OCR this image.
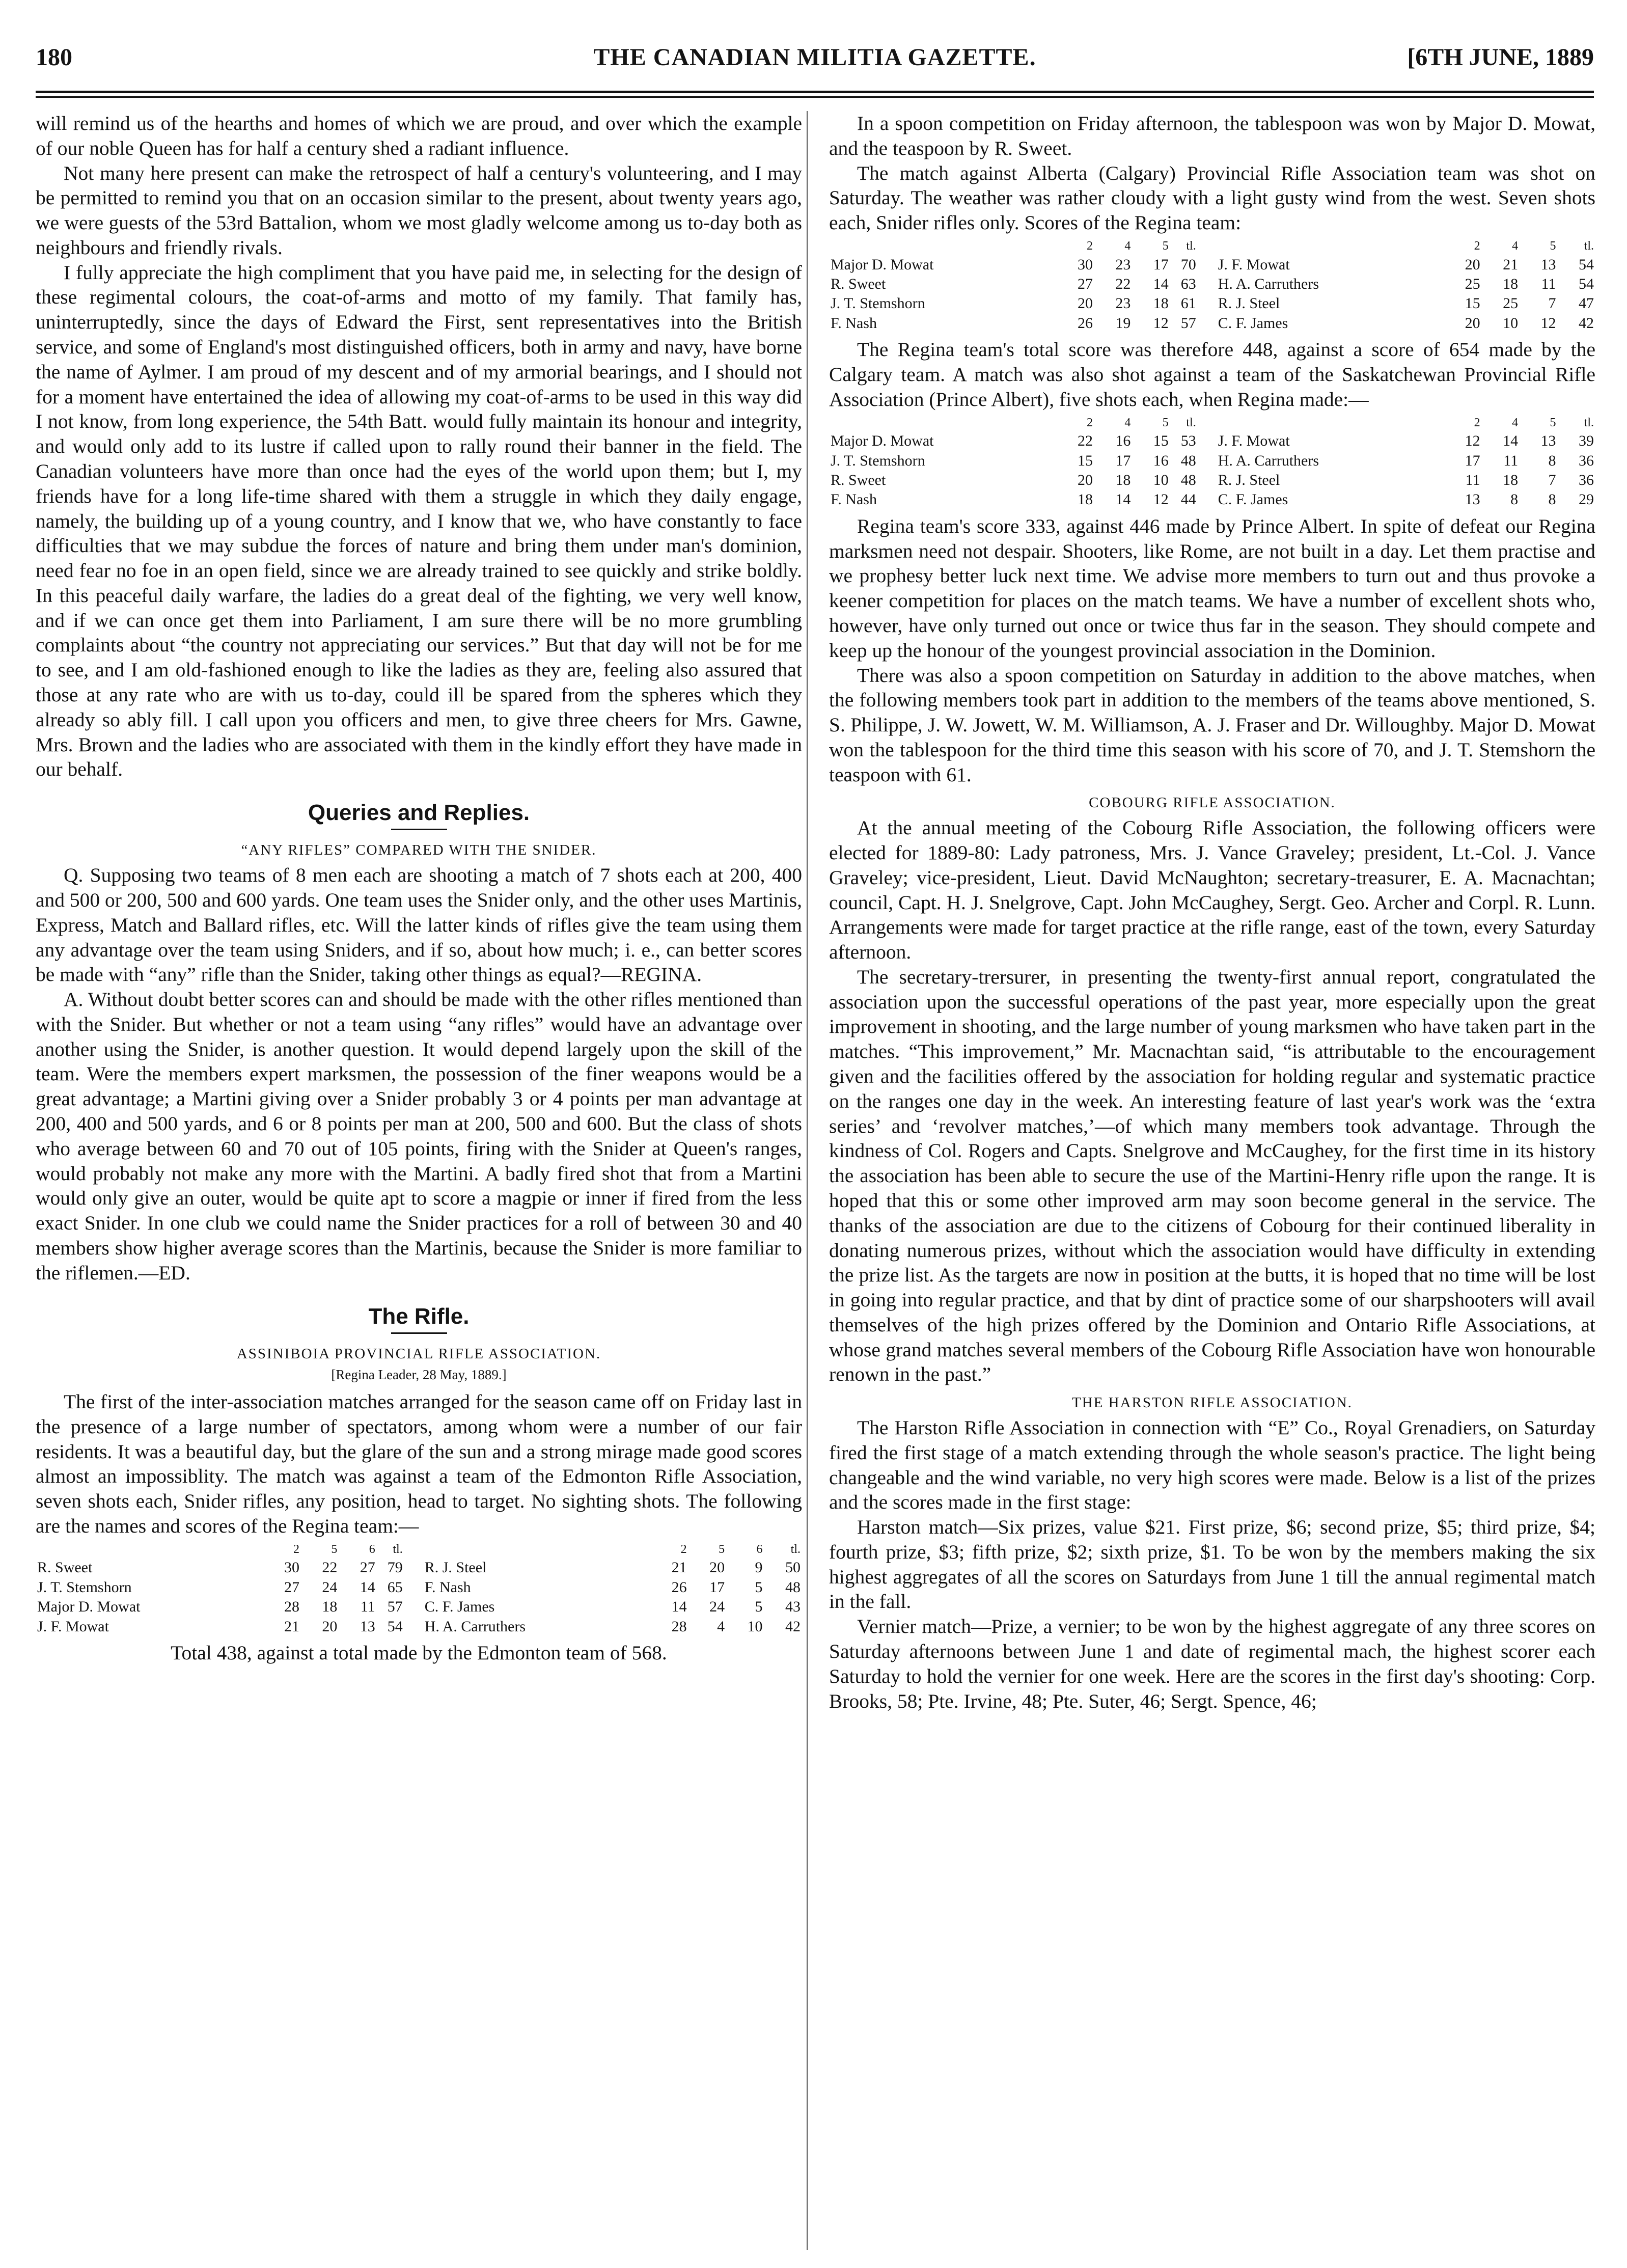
THE CANADIAN MILITIA GAZETTE.
180	[6TH JUNE, 1889

will remind us of the hearths and homes of which we are proud, and over which the example of our noble Queen has for half a century shed a radiant influence.

Not many here present can make the retrospect of half a century's volunteering, and I may be permitted to remind you that on an occasion similar to the present, about twenty years ago, we were guests of the 53rd Battalion, whom we most gladly welcome among us to-day both as neighbours and friendly rivals.

I fully appreciate the high compliment that you have paid me, in selecting for the design of these regimental colours, the coat-of-arms and motto of my family. That family has, uninterruptedly, since the days of Edward the First, sent representatives into the British service, and some of England's most distinguished officers, both in army and navy, have borne the name of Aylmer. I am proud of my descent and of my armorial bearings, and I should not for a moment have entertained the idea of allowing my coat-of-arms to be used in this way did I not know, from long experience, the 54th Batt. would fully maintain its honour and integrity, and would only add to its lustre if called upon to rally round their banner in the field. The Canadian volunteers have more than once had the eyes of the world upon them; but I, my friends have for a long life-time shared with them a struggle in which they daily engage, namely, the building up of a young country, and I know that we, who have constantly to face difficulties that we may subdue the forces of nature and bring them under man's dominion, need fear no foe in an open field, since we are already trained to see quickly and strike boldly. In this peaceful daily warfare, the ladies do a great deal of the fighting, we very well know, and if we can once get them into Parliament, I am sure there will be no more grumbling complaints about “the country not appreciating our services.” But that day will not be for me to see, and I am old-fashioned enough to like the ladies as they are, feeling also assured that those at any rate who are with us to-day, could ill be spared from the spheres which they already so ably fill. I call upon you officers and men, to give three cheers for Mrs. Gawne, Mrs. Brown and the ladies who are associated with them in the kindly effort they have made in our behalf.

Queries and Replies.
“ANY RIFLES” COMPARED WITH THE SNIDER.

Q. Supposing two teams of 8 men each are shooting a match of 7 shots each at 200, 400 and 500 or 200, 500 and 600 yards. One team uses the Snider only, and the other uses Martinis, Express, Match and Ballard rifles, etc. Will the latter kinds of rifles give the team using them any advantage over the team using Sniders, and if so, about how much; i. e., can better scores be made with “any” rifle than the Snider, taking other things as equal?—REGINA.

A. Without doubt better scores can and should be made with the other rifles mentioned than with the Snider. But whether or not a team using “any rifles” would have an advantage over another using the Snider, is another question. It would depend largely upon the skill of the team. Were the members expert marksmen, the possession of the finer weapons would be a great advantage; a Martini giving over a Snider probably 3 or 4 points per man advantage at 200, 400 and 500 yards, and 6 or 8 points per man at 200, 500 and 600. But the class of shots who average between 60 and 70 out of 105 points, firing with the Snider at Queen's ranges, would probably not make any more with the Martini. A badly fired shot that from a Martini would only give an outer, would be quite apt to score a magpie or inner if fired from the less exact Snider. In one club we could name the Snider practices for a roll of between 30 and 40 members show higher average scores than the Martinis, because the Snider is more familiar to the riflemen.—ED.

The Rifle.
ASSINIBOIA PROVINCIAL RIFLE ASSOCIATION.
[Regina Leader, 28 May, 1889.]

The first of the inter-association matches arranged for the season came off on Friday last in the presence of a large number of spectators, among whom were a number of our fair residents. It was a beautiful day, but the glare of the sun and a strong mirage made good scores almost an impossiblity. The match was against a team of the Edmonton Rifle Association, seven shots each, Snider rifles, any position, head to target. No sighting shots. The following are the names and scores of the Regina team:—

	2	5	6	tl.		2	5	6	tl.
R. Sweet	30	22	27	79	R. J. Steel	21	20	9	50
J. T. Stemshorn	27	24	14	65	F. Nash	26	17	5	48
Major D. Mowat	28	18	11	57	C. F. James	14	24	5	43
J. F. Mowat	21	20	13	54	H. A. Carruthers	28	4	10	42

Total 438, against a total made by the Edmonton team of 568.

In a spoon competition on Friday afternoon, the tablespoon was won by Major D. Mowat, and the teaspoon by R. Sweet.

The match against Alberta (Calgary) Provincial Rifle Association team was shot on Saturday. The weather was rather cloudy with a light gusty wind from the west. Seven shots each, Snider rifles only. Scores of the Regina team:

	2	4	5	tl.		2	4	5	tl.
Major D. Mowat	30	23	17	70	J. F. Mowat	20	21	13	54
R. Sweet	27	22	14	63	H. A. Carruthers	25	18	11	54
J. T. Stemshorn	20	23	18	61	R. J. Steel	15	25	7	47
F. Nash	26	19	12	57	C. F. James	20	10	12	42

The Regina team's total score was therefore 448, against a score of 654 made by the Calgary team. A match was also shot against a team of the Saskatchewan Provincial Rifle Association (Prince Albert), five shots each, when Regina made:—

	2	4	5	tl.		2	4	5	tl.
Major D. Mowat	22	16	15	53	J. F. Mowat	12	14	13	39
J. T. Stemshorn	15	17	16	48	H. A. Carruthers	17	11	8	36
R. Sweet	20	18	10	48	R. J. Steel	11	18	7	36
F. Nash	18	14	12	44	C. F. James	13	8	8	29

Regina team's score 333, against 446 made by Prince Albert. In spite of defeat our Regina marksmen need not despair. Shooters, like Rome, are not built in a day. Let them practise and we prophesy better luck next time. We advise more members to turn out and thus provoke a keener competition for places on the match teams. We have a number of excellent shots who, however, have only turned out once or twice thus far in the season. They should compete and keep up the honour of the youngest provincial association in the Dominion.

There was also a spoon competition on Saturday in addition to the above matches, when the following members took part in addition to the members of the teams above mentioned, S. S. Philippe, J. W. Jowett, W. M. Williamson, A. J. Fraser and Dr. Willoughby. Major D. Mowat won the tablespoon for the third time this season with his score of 70, and J. T. Stemshorn the teaspoon with 61.

COBOURG RIFLE ASSOCIATION.

At the annual meeting of the Cobourg Rifle Association, the following officers were elected for 1889-80: Lady patroness, Mrs. J. Vance Graveley; president, Lt.-Col. J. Vance Graveley; vice-president, Lieut. David McNaughton; secretary-treasurer, E. A. Macnachtan; council, Capt. H. J. Snelgrove, Capt. John McCaughey, Sergt. Geo. Archer and Corpl. R. Lunn. Arrangements were made for target practice at the rifle range, east of the town, every Saturday afternoon.

The secretary-trersurer, in presenting the twenty-first annual report, congratulated the association upon the successful operations of the past year, more especially upon the great improvement in shooting, and the large number of young marksmen who have taken part in the matches. “This improvement,” Mr. Macnachtan said, “is attributable to the encouragement given and the facilities offered by the association for holding regular and systematic practice on the ranges one day in the week. An interesting feature of last year's work was the ‘extra series’ and ‘revolver matches,’—of which many members took advantage. Through the kindness of Col. Rogers and Capts. Snelgrove and McCaughey, for the first time in its history the association has been able to secure the use of the Martini-Henry rifle upon the range. It is hoped that this or some other improved arm may soon become general in the service. The thanks of the association are due to the citizens of Cobourg for their continued liberality in donating numerous prizes, without which the association would have difficulty in extending the prize list. As the targets are now in position at the butts, it is hoped that no time will be lost in going into regular practice, and that by dint of practice some of our sharpshooters will avail themselves of the high prizes offered by the Dominion and Ontario Rifle Associations, at whose grand matches several members of the Cobourg Rifle Association have won honourable renown in the past.”

THE HARSTON RIFLE ASSOCIATION.

The Harston Rifle Association in connection with “E” Co., Royal Grenadiers, on Saturday fired the first stage of a match extending through the whole season's practice. The light being changeable and the wind variable, no very high scores were made. Below is a list of the prizes and the scores made in the first stage:

Harston match—Six prizes, value $21. First prize, $6; second prize, $5; third prize, $4; fourth prize, $3; fifth prize, $2; sixth prize, $1. To be won by the members making the six highest aggregates of all the scores on Saturdays from June 1 till the annual regimental match in the fall.

Vernier match—Prize, a vernier; to be won by the highest aggregate of any three scores on Saturday afternoons between June 1 and date of regimental mach, the highest scorer each Saturday to hold the vernier for one week. Here are the scores in the first day's shooting: Corp. Brooks, 58; Pte. Irvine, 48; Pte. Suter, 46; Sergt. Spence, 46;
